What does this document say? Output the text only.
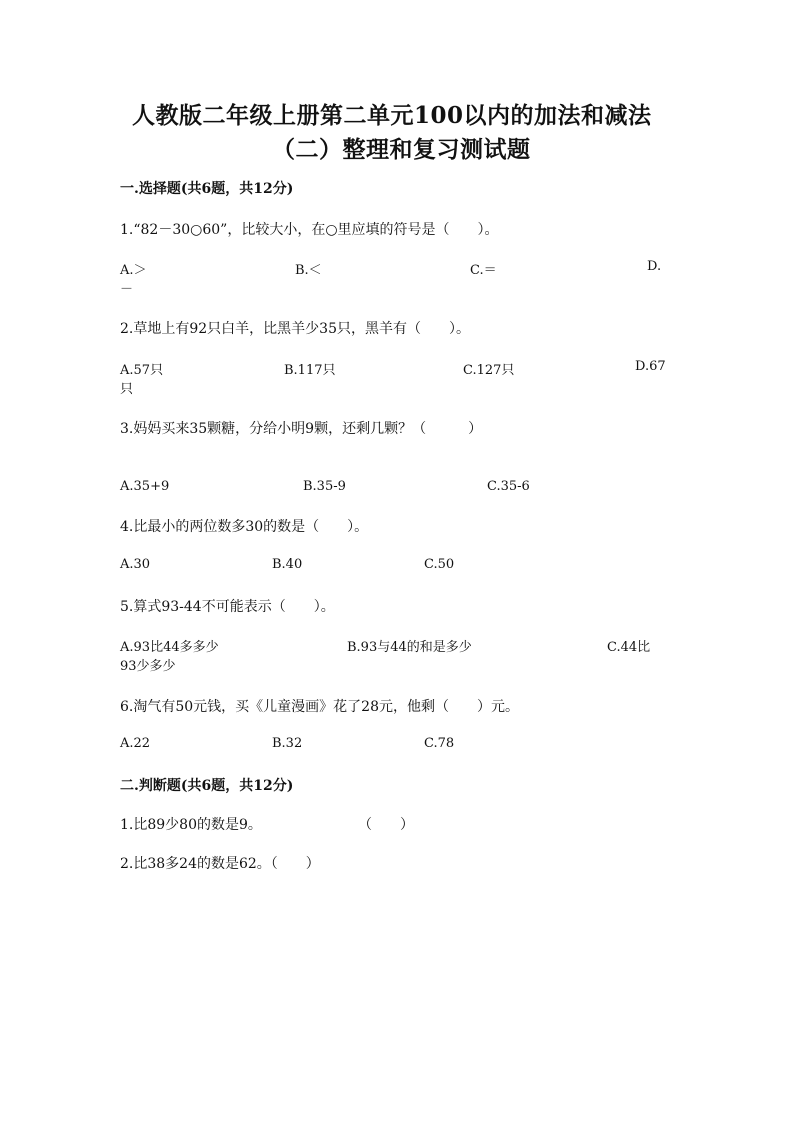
人教版二年级上册第二单元100以内的加法和减法
（二）整理和复习测试题
一.选择题(共6题，共12分)
1.“82－30○60”，比较大小，在○里应填的符号是（　　）。
A.＞	B.＜	C.＝	D.
－
2.草地上有92只白羊，比黑羊少35只，黑羊有（　　）。
A.57只	B.117只	C.127只	D.67
只
3.妈妈买来35颗糖，分给小明9颗，还剩几颗？（　　　）
A.35+9	B.35-9	C.35-6
4.比最小的两位数多30的数是（　　）。
A.30	B.40	C.50
5.算式93-44不可能表示（　　）。
A.93比44多多少	B.93与44的和是多少	C.44比
93少多少
6.淘气有50元钱，买《儿童漫画》花了28元，他剩（　　）元。
A.22	B.32	C.78
二.判断题(共6题，共12分)
1.比89少80的数是9。	（　　）
2.比38多24的数是62。（　　）
